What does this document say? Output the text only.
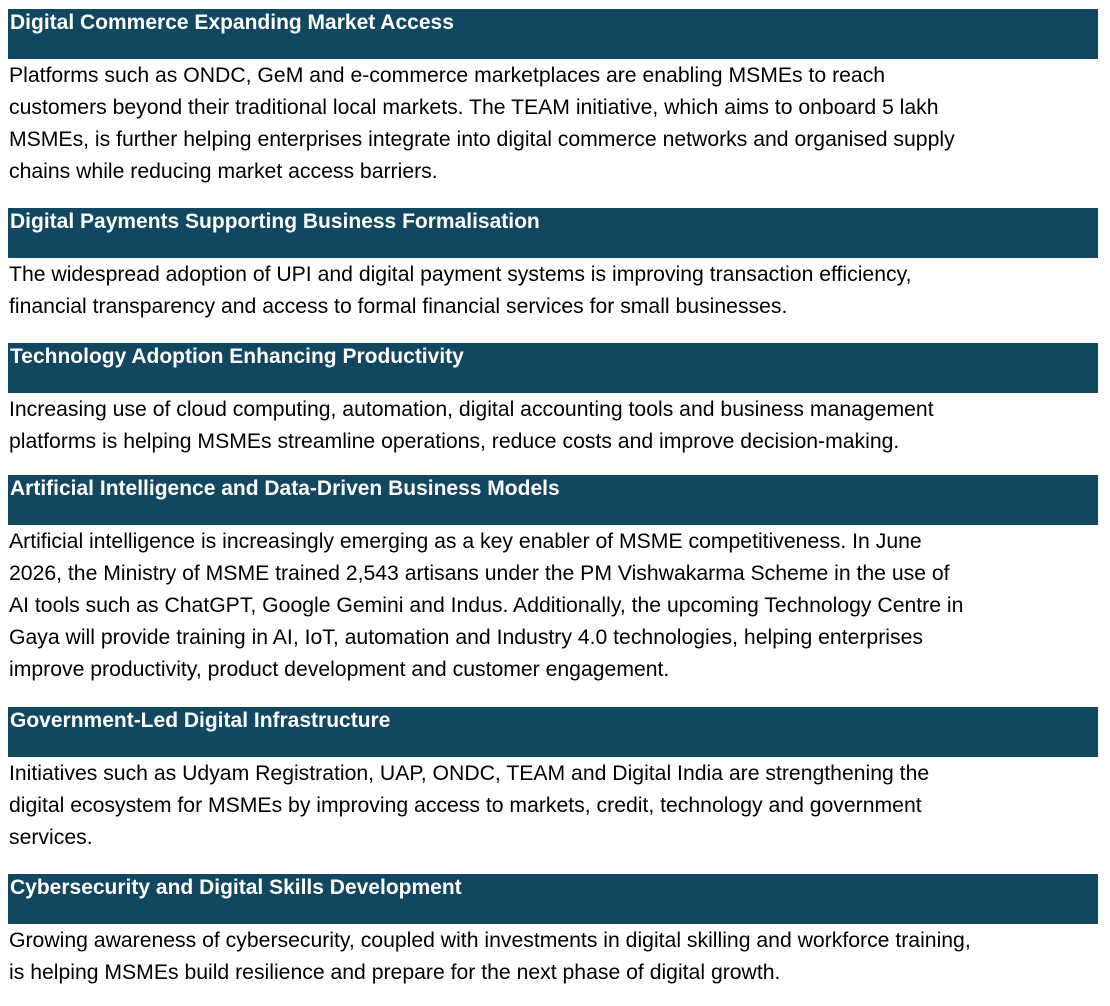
Digital Commerce Expanding Market Access
Platforms such as ONDC, GeM and e-commerce marketplaces are enabling MSMEs to reach
customers beyond their traditional local markets. The TEAM initiative, which aims to onboard 5 lakh
MSMEs, is further helping enterprises integrate into digital commerce networks and organised supply
chains while reducing market access barriers.
Digital Payments Supporting Business Formalisation
The widespread adoption of UPI and digital payment systems is improving transaction efficiency,
financial transparency and access to formal financial services for small businesses.
Technology Adoption Enhancing Productivity
Increasing use of cloud computing, automation, digital accounting tools and business management
platforms is helping MSMEs streamline operations, reduce costs and improve decision-making.
Artificial Intelligence and Data-Driven Business Models
Artificial intelligence is increasingly emerging as a key enabler of MSME competitiveness. In June
2026, the Ministry of MSME trained 2,543 artisans under the PM Vishwakarma Scheme in the use of
AI tools such as ChatGPT, Google Gemini and Indus. Additionally, the upcoming Technology Centre in
Gaya will provide training in AI, IoT, automation and Industry 4.0 technologies, helping enterprises
improve productivity, product development and customer engagement.
Government-Led Digital Infrastructure
Initiatives such as Udyam Registration, UAP, ONDC, TEAM and Digital India are strengthening the
digital ecosystem for MSMEs by improving access to markets, credit, technology and government
services.
Cybersecurity and Digital Skills Development
Growing awareness of cybersecurity, coupled with investments in digital skilling and workforce training,
is helping MSMEs build resilience and prepare for the next phase of digital growth.
